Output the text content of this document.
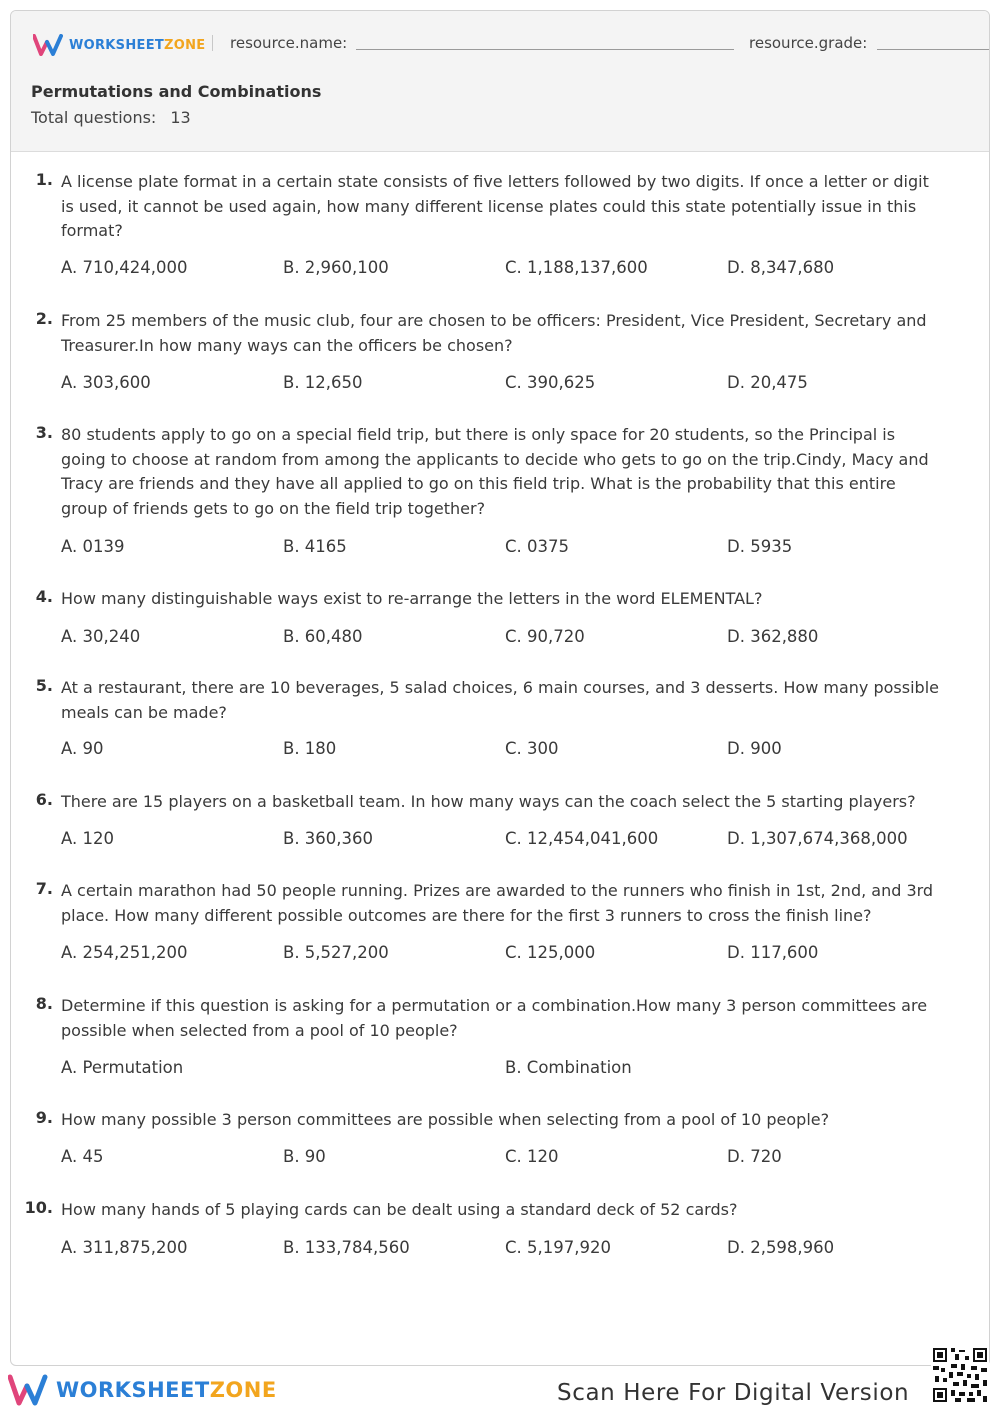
WORKSHEETZONE resource.name:	resource.grade:
Permutations and Combinations
Total questions: 13
1. A license plate format in a certain state consists of five letters followed by two digits. If once a letter or digit is used, it cannot be used again, how many different license plates could this state potentially issue in this format?
A. 710,424,000	B. 2,960,100	C. 1,188,137,600	D. 8,347,680
2. From 25 members of the music club, four are chosen to be officers: President, Vice President, Secretary and Treasurer.In how many ways can the officers be chosen?
A. 303,600	B. 12,650	C. 390,625	D. 20,475
3. 80 students apply to go on a special field trip, but there is only space for 20 students, so the Principal is going to choose at random from among the applicants to decide who gets to go on the trip.Cindy, Macy and Tracy are friends and they have all applied to go on this field trip. What is the probability that this entire group of friends gets to go on the field trip together?
A. 0139	B. 4165	C. 0375	D. 5935
4. How many distinguishable ways exist to re-arrange the letters in the word ELEMENTAL?
A. 30,240	B. 60,480	C. 90,720	D. 362,880
5. At a restaurant, there are 10 beverages, 5 salad choices, 6 main courses, and 3 desserts. How many possible meals can be made?
A. 90	B. 180	C. 300	D. 900
6. There are 15 players on a basketball team. In how many ways can the coach select the 5 starting players?
A. 120	B. 360,360	C. 12,454,041,600	D. 1,307,674,368,000
7. A certain marathon had 50 people running. Prizes are awarded to the runners who finish in 1st, 2nd, and 3rd place. How many different possible outcomes are there for the first 3 runners to cross the finish line?
A. 254,251,200	B. 5,527,200	C. 125,000	D. 117,600
8. Determine if this question is asking for a permutation or a combination.How many 3 person committees are possible when selected from a pool of 10 people?
A. Permutation	B. Combination
9. How many possible 3 person committees are possible when selecting from a pool of 10 people?
A. 45	B. 90	C. 120	D. 720
10. How many hands of 5 playing cards can be dealt using a standard deck of 52 cards?
A. 311,875,200	B. 133,784,560	C. 5,197,920	D. 2,598,960
WORKSHEETZONE	Scan Here For Digital Version
